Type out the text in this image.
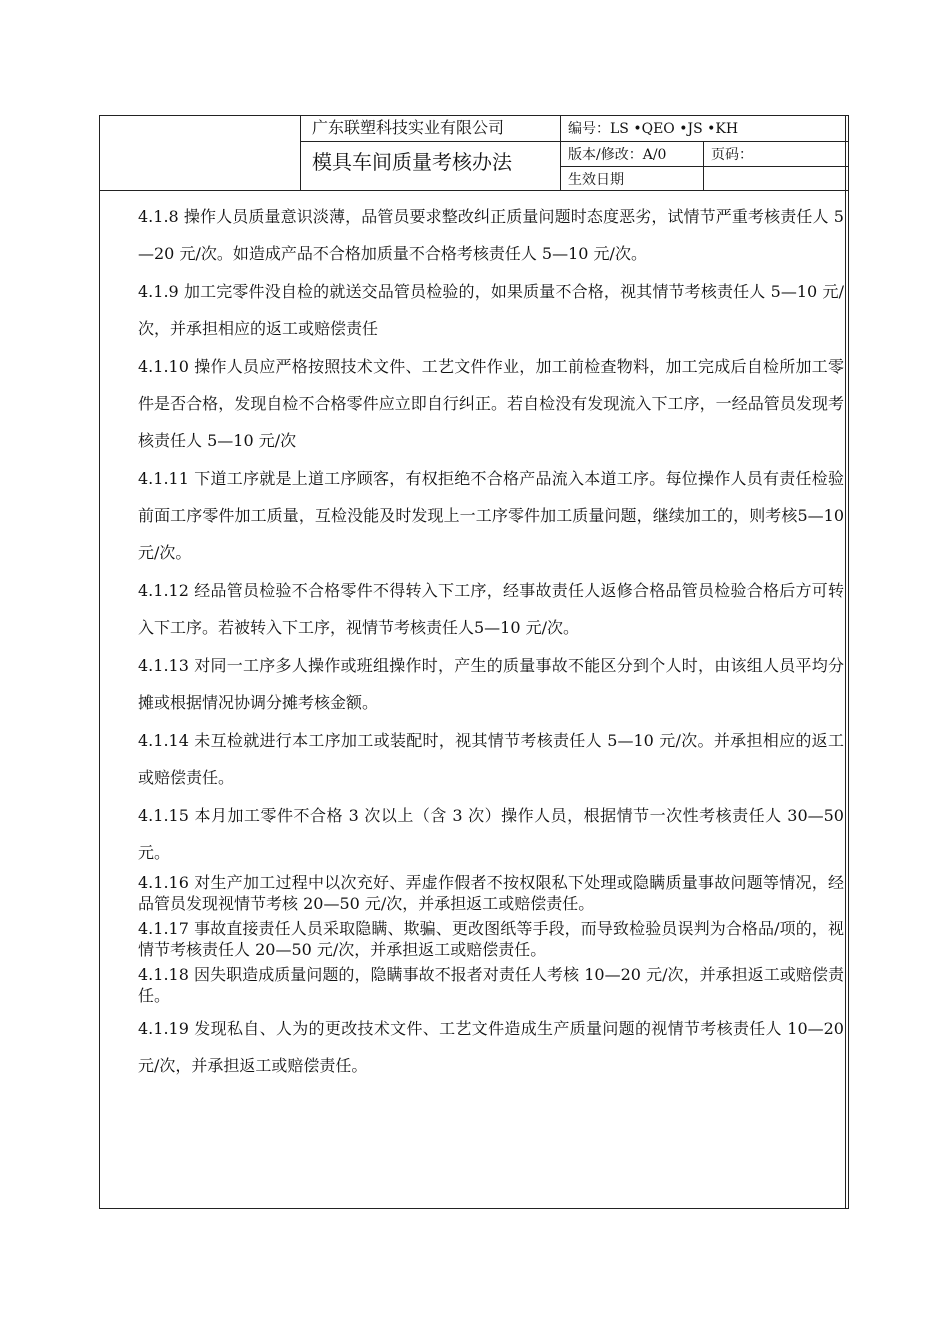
广东联塑科技实业有限公司
模具车间质量考核办法
编号：LS •QEO •JS •KH
版本/修改：A/0	页码：
生效日期

4.1.8 操作人员质量意识淡薄，品管员要求整改纠正质量问题时态度恶劣，试情节严重考核责任人 5—20 元/次。如造成产品不合格加质量不合格考核责任人 5—10 元/次。

4.1.9 加工完零件没自检的就送交品管员检验的，如果质量不合格，视其情节考核责任人 5—10 元/次，并承担相应的返工或赔偿责任

4.1.10 操作人员应严格按照技术文件、工艺文件作业，加工前检查物料，加工完成后自检所加工零件是否合格，发现自检不合格零件应立即自行纠正。若自检没有发现流入下工序，一经品管员发现考核责任人 5—10 元/次

4.1.11 下道工序就是上道工序顾客，有权拒绝不合格产品流入本道工序。每位操作人员有责任检验前面工序零件加工质量，互检没能及时发现上一工序零件加工质量问题，继续加工的，则考核5—10 元/次。

4.1.12 经品管员检验不合格零件不得转入下工序，经事故责任人返修合格品管员检验合格后方可转入下工序。若被转入下工序，视情节考核责任人5—10 元/次。

4.1.13 对同一工序多人操作或班组操作时，产生的质量事故不能区分到个人时，由该组人员平均分摊或根据情况协调分摊考核金额。

4.1.14 未互检就进行本工序加工或装配时，视其情节考核责任人 5—10 元/次。并承担相应的返工或赔偿责任。

4.1.15 本月加工零件不合格 3 次以上（含 3 次）操作人员，根据情节一次性考核责任人 30—50 元。

4.1.16 对生产加工过程中以次充好、弄虚作假者不按权限私下处理或隐瞒质量事故问题等情况，经品管员发现视情节考核 20—50 元/次，并承担返工或赔偿责任。

4.1.17 事故直接责任人员采取隐瞒、欺骗、更改图纸等手段，而导致检验员误判为合格品/项的，视情节考核责任人 20—50 元/次，并承担返工或赔偿责任。

4.1.18 因失职造成质量问题的，隐瞒事故不报者对责任人考核 10—20 元/次，并承担返工或赔偿责任。

4.1.19 发现私自、人为的更改技术文件、工艺文件造成生产质量问题的视情节考核责任人 10—20 元/次，并承担返工或赔偿责任。
